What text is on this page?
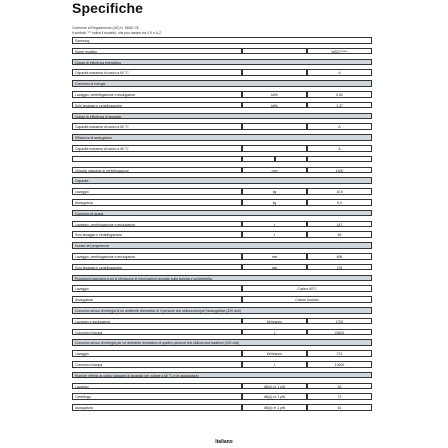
Specifiche
Conforme al Regolamento (UE) N. 96/60 CE
Il simbolo "*" indica il modello, che può variare tra 0-9 e A-Z.
Samsung
Nome modello	WD1T*****
Classe di efficienza energetica
Capacità massima di carico a 60 °C	A
Consumo di energia
Lavaggio, centrifugazione e asciugatura	kWh	6,80
Solo lavaggio e centrifugazione	kWh	1,37
Classe di efficienza di lavaggio
Capacità massima di carico a 60 °C	A
Efficienza di asciugatura
Capacità massima di carico a 60 °C	A
Velocità massima di centrifugazione	rpm	1400
Capacità
Lavaggio	kg	10,5
Asciugatura	kg	6,0
Consumo di acqua
Lavaggio, centrifugazione e asciugatura	ℓ	147
Solo lavaggio e centrifugazione	ℓ	63
Durata del programma
Lavaggio, centrifugazione e asciugatura	min	698
Solo lavaggio e centrifugazione	min	278
Programmi standard a cui si riferiscono le informazioni riportate sulla scheda e sull'etichetta
Lavaggio	Cotone 60°C
Asciugatura	Cotone Asciutto
Consumo annuo di energia di un ambiente domestico di 4 persone che utilizza sempre l'asciugatrice (220 cicli)
Lavaggio e asciugatura	kWh/anno	1700
Consumo d'acqua	ℓ	23400
Consumo annuo di energia per un ambiente domestico di quattro persone che utilizza una lavatrice (220 cicli)
Lavaggio	kWh/anno	274
Consumo d'acqua	ℓ	12600
Rumore (riferito al carico standard di lavaggio per cotone a 60 °C e di asciugatura)
Lavaggio	dB(A) re 1 pW	53
Centrifuga	dB(A) re 1 pW	72
Asciugatura	dB(A) re 1 pW	61
Italiano
